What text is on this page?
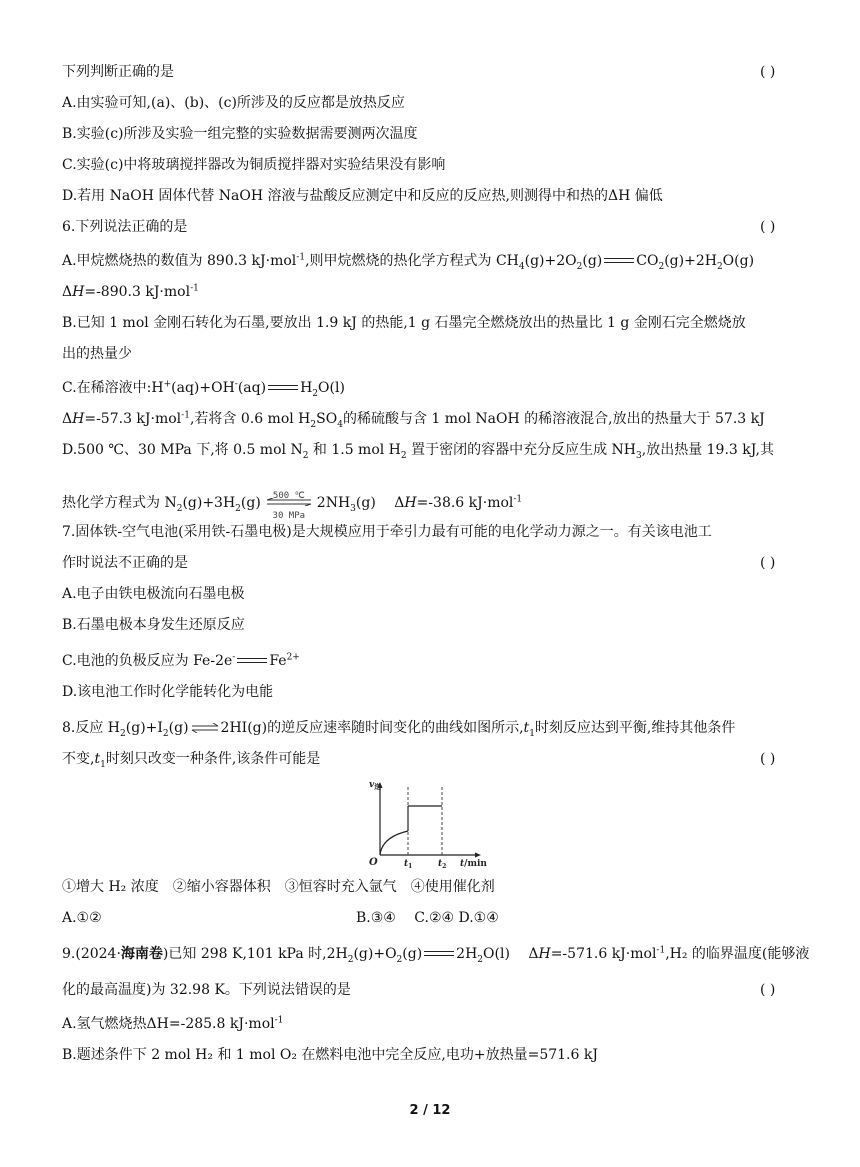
下列判断正确的是	( )
A.由实验可知,(a)、(b)、(c)所涉及的反应都是放热反应
B.实验(c)所涉及实验一组完整的实验数据需要测两次温度
C.实验(c)中将玻璃搅拌器改为铜质搅拌器对实验结果没有影响
D.若用 NaOH 固体代替 NaOH 溶液与盐酸反应测定中和反应的反应热,则测得中和热的ΔH 偏低
6.下列说法正确的是	( )
A.甲烷燃烧热的数值为 890.3 kJ·mol$^{-1}$,则甲烷燃烧的热化学方程式为 $CH_4(g)+2O_2(g)$ $CO_2(g)+2H_2O(g)$
ΔH=-890.3 kJ·mol$^{-1}$
B.已知 1 mol 金刚石转化为石墨,要放出 1.9 kJ 的热能,1 g 石墨完全燃烧放出的热量比 1 g 金刚石完全燃烧放
出的热量少
C.在稀溶液中:H+(aq)+OH-(aq) $H_2O(l)$
ΔH=-57.3 kJ·mol$^{-1}$,若将含 0.6 mol $H_2SO_4$的稀硫酸与含 1 mol NaOH 的稀溶液混合,放出的热量大于 57.3 kJ
D.500 ℃、30 MPa 下,将 0.5 mol $N_2$ 和 1.5 mol $H_2$ 置于密闭的容器中充分反应生成 $NH_3$,放出热量 19.3 kJ,其
热化学方程式为 $N_2(g)+3H_2(g)$	500 ℃
30 MPa
$2NH_3(g)$　 ΔH=-38.6 kJ·mol$^{-1}$
7.固体铁-空气电池(采用铁-石墨电极)是大规模应用于牵引力最有可能的电化学动力源之一。有关该电池工
作时说法不正确的是	( )
A.电子由铁电极流向石墨电极
B.石墨电极本身发生还原反应
C.电池的负极反应为 Fe-2e- $Fe^{2+}$
D.该电池工作时化学能转化为电能
8.反应 $H_2(g)+I_2(g)$ ⇌ 2HI(g)的逆反应速率随时间变化的曲线如图所示$,t_1$时刻反应达到平衡,维持其他条件
不变$,t_1$时刻只改变一种条件,该条件可能是	( )
$v_逆$
O	$t_1$	$t_2$ t/min
①增大 H₂ 浓度　②缩小容器体积　③恒容时充入氩气　④使用催化剂
A.①②	B.③④　 C.②④ D.①④
9.(2024·海南卷)已知 298 K,101 kPa 时$,2H_2(g)+O_2(g)$ $2H_2O(l)$　 ΔH=-571.6 kJ·mol$^{-1}$,H₂ 的临界温度(能够液
化的最高温度)为 32.98 K。下列说法错误的是	( )
A.氢气燃烧热ΔH=-285.8 kJ·mol$^{-1}$
B.题述条件下 2 mol H₂ 和 1 mol O₂ 在燃料电池中完全反应,电功+放热量=571.6 kJ
2 / 12
